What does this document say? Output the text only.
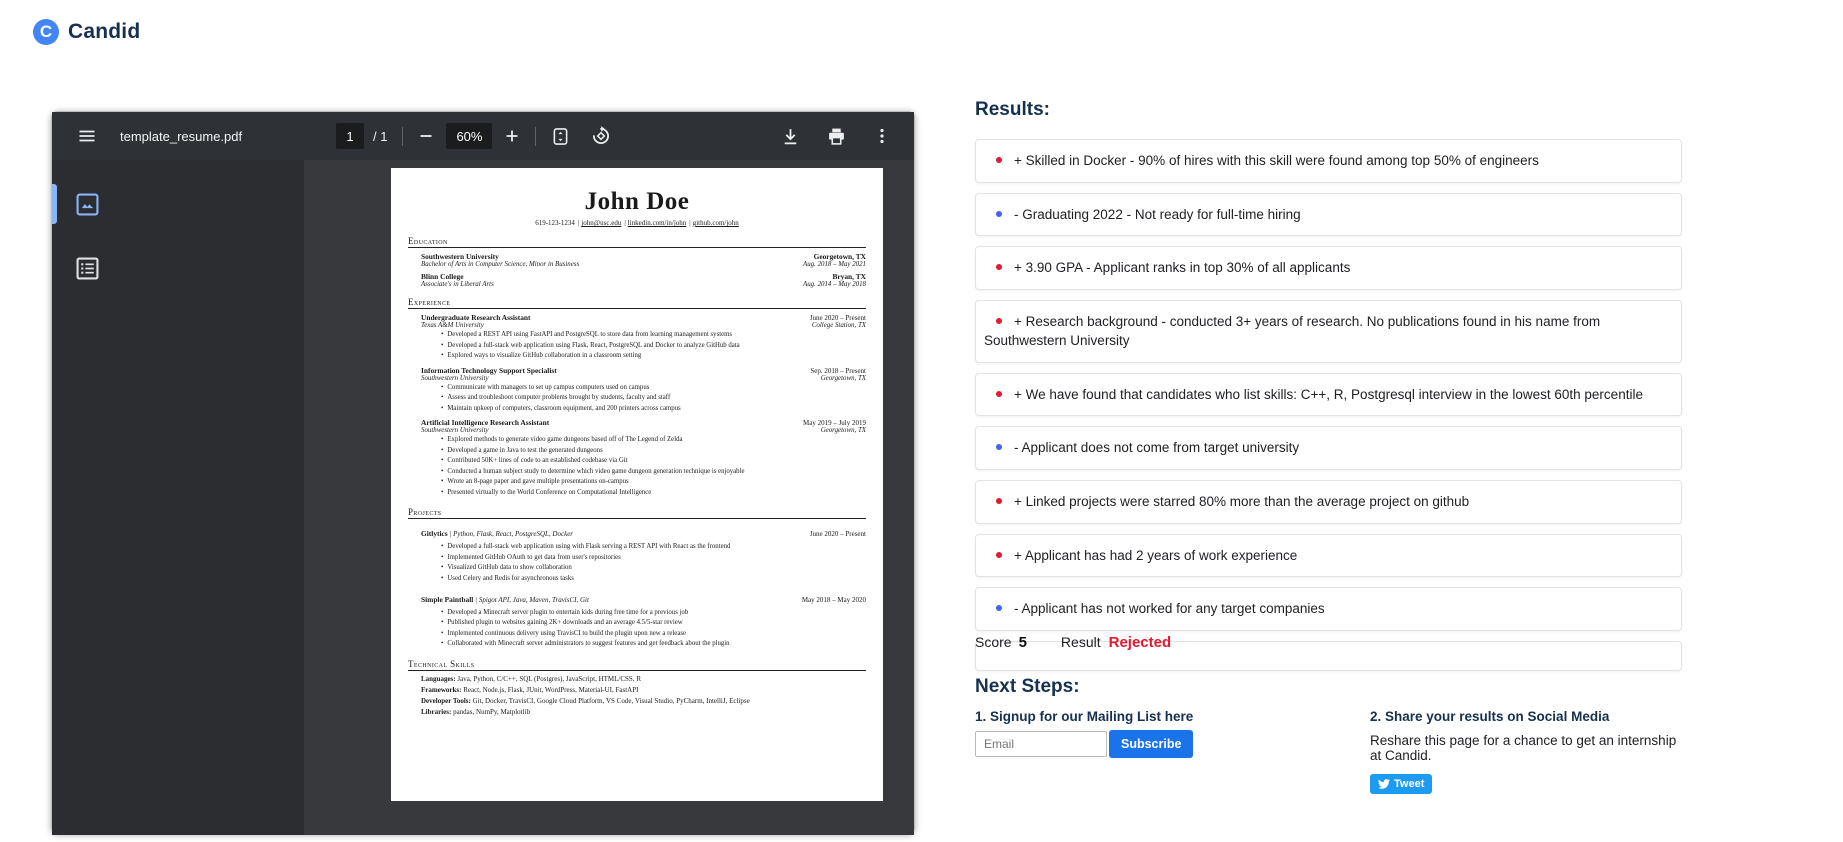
C Candid
template_resume.pdf	1	/ 1	60%
John Doe
619-123-1234 | john@usc.edu | linkedin.com/in/john | github.com/john
Education
Southwestern University	Georgetown, TX
Bachelor of Arts in Computer Science, Minor in Business	Aug. 2018 – May 2021
Blinn College	Bryan, TX
Associate's in Liberal Arts	Aug. 2014 – May 2018
Experience
Undergraduate Research Assistant	June 2020 – Present
Texas A&M University	College Station, TX
• Developed a REST API using FastAPI and PostgreSQL to store data from learning management systems
• Developed a full-stack web application using Flask, React, PostgreSQL and Docker to analyze GitHub data
• Explored ways to visualize GitHub collaboration in a classroom setting
Information Technology Support Specialist	Sep. 2018 – Present
Southwestern University	Georgetown, TX
• Communicate with managers to set up campus computers used on campus
• Assess and troubleshoot computer problems brought by students, faculty and staff
• Maintain upkeep of computers, classroom equipment, and 200 printers across campus
Artificial Intelligence Research Assistant	May 2019 – July 2019
Southwestern University	Georgetown, TX
• Explored methods to generate video game dungeons based off of The Legend of Zelda
• Developed a game in Java to test the generated dungeons
• Contributed 50K+ lines of code to an established codebase via Git
• Conducted a human subject study to determine which video game dungeon generation technique is enjoyable
• Wrote an 8-page paper and gave multiple presentations on-campus
• Presented virtually to the World Conference on Computational Intelligence
Projects
Gitlytics | Python, Flask, React, PostgreSQL, Docker	June 2020 – Present
• Developed a full-stack web application using with Flask serving a REST API with React as the frontend
• Implemented GitHub OAuth to get data from user's repositories
• Visualized GitHub data to show collaboration
• Used Celery and Redis for asynchronous tasks
Simple Paintball | Spigot API, Java, Maven, TravisCI, Git	May 2018 – May 2020
• Developed a Minecraft server plugin to entertain kids during free time for a previous job
• Published plugin to websites gaining 2K+ downloads and an average 4.5/5-star review
• Implemented continuous delivery using TravisCI to build the plugin upon new a release
• Collaborated with Minecraft server administrators to suggest features and get feedback about the plugin
Technical Skills
Languages: Java, Python, C/C++, SQL (Postgres), JavaScript, HTML/CSS, R
Frameworks: React, Node.js, Flask, JUnit, WordPress, Material-UI, FastAPI
Developer Tools: Git, Docker, TravisCI, Google Cloud Platform, VS Code, Visual Studio, PyCharm, IntelliJ, Eclipse
Libraries: pandas, NumPy, Matplotlib
Results:
+ Skilled in Docker - 90% of hires with this skill were found among top 50% of engineers
- Graduating 2022 - Not ready for full-time hiring
+ 3.90 GPA - Applicant ranks in top 30% of all applicants
+ Research background - conducted 3+ years of research. No publications found in his name from Southwestern University
+ We have found that candidates who list skills: C++, R, Postgresql interview in the lowest 60th percentile
- Applicant does not come from target university
+ Linked projects were starred 80% more than the average project on github
+ Applicant has had 2 years of work experience
- Applicant has not worked for any target companies
Score 5 Result Rejected
Next Steps:
1. Signup for our Mailing List here
Email
Subscribe
2. Share your results on Social Media
Reshare this page for a chance to get an internship at Candid.
Tweet
